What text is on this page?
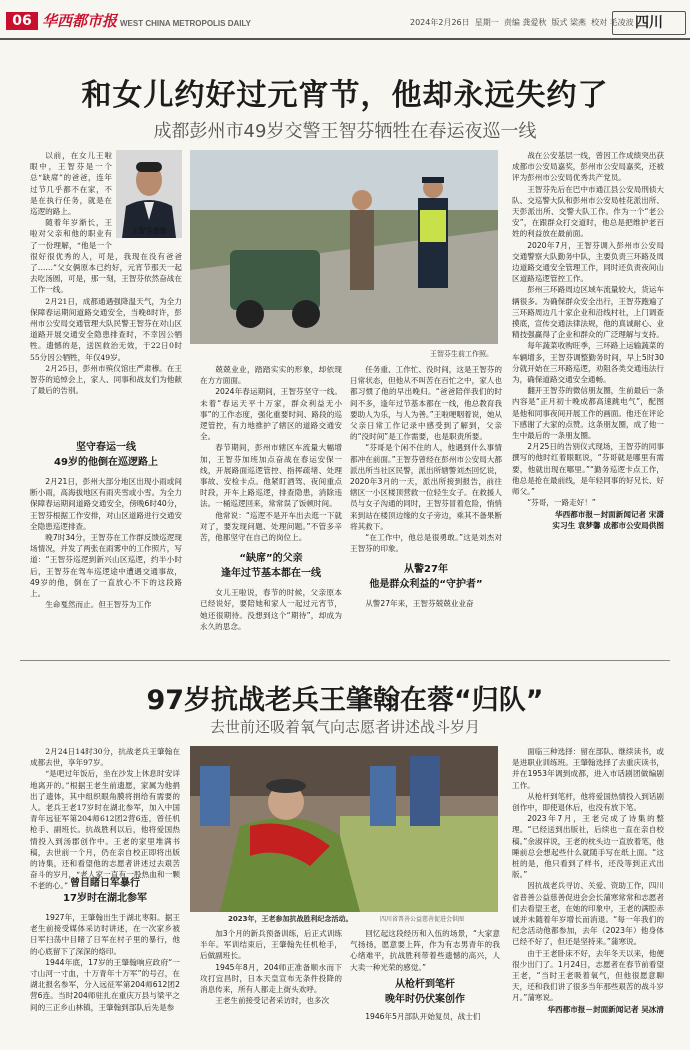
06 华西都市报 WEST CHINA METROPOLIS DAILY	2024年2月26日 星期一 责编 龚爱秋 版式 梁燕 校对 毛凌波 四川
和女儿约好过元宵节，他却永远失约了
成都彭州市49岁交警王智芬牺牲在春运夜巡一线
王智芬遗像

以前，在女儿王啦眼中，王智芬是一个总“缺席”的爸爸，连年过节几乎都不在家，不是在执行任务，就是在巡逻的路上。

随着年岁渐长，王啦对父亲和他的职业有了一份理解，“他是一个很好很优秀的人，可是，我现在没有爸爸了……”父女俩原本已约好，元宵节那天一起去吃汤圆，可是，那一刻，王智芬依然奋战在工作一线。

2月21日，成都通遇强降温天气，为全力保障春运期间道路交通安全，当晚8时许，彭州市公安局交通管理大队民警王智芬在对山区道路开展交通安全隐患排查时，不幸因公牺牲。遗憾的是，送医救治无效，于22日0时55分因公牺牲，年仅49岁。

2月25日，彭州市殡仪馆庄严肃穆。在王智芬的追悼会上，家人、同事和战友们为他献了最后的告别。

坚守春运一线
49岁的他倒在巡逻路上

2月21日，彭州大部分地区出现小雨或间断小雨，高海拔地区有雨夹雪或小雪。为全力保障春运期间道路交通安全，傍晚6时40分，王智芬根据工作安排，对山区道路进行交通安全隐患巡逻排查。

晚7时34分，王智芬在工作群反馈巡逻现场情况，并发了两张在雨雾中的工作照片，写道：“王智芬巡逻到新兴山区巡逻，约半小时后，王智芬在驾车巡逻途中遭遇交通事故，49岁的他，倒在了一直放心不下的这段路上。

生命戛然而止。但王智芬为工作

王智芬生前工作照。

兢兢业业，踏踏实实的形象，却依现在方方面面。

2024年春运期间，王智芬坚守一线。未着“春运天平十万家，群众利益无小事”的工作态度，强化重要时间、路段的巡逻管控，有力地推护了辖区的道路交通安全。

春节期间，彭州市辖区车流量大幅增加，王智芬加班加点奋战在春运安保一线，开展路面巡逻管控、指挥疏堵、处理事故、安检卡点。他紧盯酒驾、夜间重点时段，开车上路巡逻，排查隐患，消除违法。一桶巡逻回来，常常误了饭顿时间。

他常说：“巡逻不是开车出去逛一下就对了，要发现问题、处理问题。”不管多辛苦，他都坚守在自己的岗位上。

“缺席”的父亲
逢年过节基本都在一线

女儿王啦说，春节的时候，父亲原本已经说好，要陪她和家人一起过元宵节，她还很期待。没想到这个“期待”，却成为永久的思念。

任务重、工作忙、没时间，这是王智芬的日常状态，但他从不叫苦在百忙之中，家人也都习惯了他的早出晚归。“爸爸陪伴我们的时间不多，逢年过节基本都在一线，他总教育我要助人为乐，与人为善。”王啦哽咽着说，她从父亲日常工作记录中感受到了解到，父亲的“没时间”是工作需要，也是职责所要。

“芬哥是个闲不住的人，他遇到什么事情都冲在前面。”王智芬曾经在彭州市公安局大都派出所当社区民警，派出所辖警刘杰回忆说，2020年3月的一天，派出所接到报告，前往辖区一小区楼顶营救一位轻生女子。在救援人员与女子沟通的同时，王智芬冒着危险，悄悄来到站在楼顶边缘的女子旁边，乘其不备果断将其救下。

“在工作中，他总是很勇敢。”这是刘杰对王智芬的印象。

从警27年
他是群众利益的“守护者”

从警27年来，王智芬兢兢业业奋

战在公安基层一线，曾因工作成绩突出获成都市公安局嘉奖，彭州市公安局嘉奖，还被评为彭州市公安局优秀共产党员。

王智芬先后在巴中市通江县公安局刑侦大队、交巡警大队和彭州市公安局桂花派出所、天彭派出所、交警大队工作。作为一个“老公安”，在跟群众打交道时，他总是把维护老百姓的利益放在最前面。

2020年7月，王智芬调入彭州市公安局交通警察大队勤务中队，主要负责三环路及周边道路交通安全管理工作，同时还负责夜间山区道路巡逻管控工作。

彭州三环路周边区域车流量较大，货运车辆很多。为确保群众安全出行，王智芬跑遍了三环路周边几十家企业和沿线村社，上门调查摸底，宣传交通法律法规，他的真诚耐心、业精技强赢得了企业和群众的广泛理解与支持。

每年蔬菜收购旺季，三环路上运输蔬菜的车辆增多，王智芬调整勤务时间，早上5时30分就开始在三环路巡逻，劝阻各类交通违法行为，确保道路交通安全通畅。

翻开王智芬的微信朋友圈，生前最后一条内容是“正月初十晚成都高速跳电气”，配图是他和同事夜间开展工作的画面。他还在评论下感谢了大家的点赞。这条朋友圈，成了他一生中最后的一条朋友圈。

2月25日的告别仪式现场，王智芬的同事撰写的他时红着眼眶说，“芬哥就是哪里有需要，他就出现在哪里。”“勤务巡逻卡点工作，他总是抢在最前线，是年轻同事的好兄长、好师父。”

“芬哥，一路走好！”

华西都市报－封面新闻记者 宋潇
实习生 袁梦馨 成都市公安局供图
97岁抗战老兵王肇翰在蓉“归队”
去世前还吸着氧气向志愿者讲述战斗岁月

2月24日14时30分，抗战老兵王肇翰在成都去世，享年97岁。

“是吧过年饭后，坐在沙发上休息时安详地离开的。”根据王老生前遗愿，家属为他捐出了遗体，其中组织眼角膜将捐给有需要的人。老兵王老17岁时在湖北参军，加入中国青年远征军第204师612团2营6连，曾任机枪手、副班长。抗战胜利以后，他将爱国热情投入到汤郡创作中。王老的家里堆满书稿，去世前一个月，仍在亲自校正即将出版的诗集，还和看望他的志愿者讲述过去艰苦奋斗的岁月，“老人家一直有一股热血和一颗不老的心。” 曾目睹日军暴行
17岁时在湖北参军

1927年，王肇翰出生于湖北枣阳。据王老生前接受媒体采访时讲述，在一次家乡被日军扫荡中目睹了日军在村子里的暴行，他的心底留下了深深的烙印。

1944年底，17岁的王肇翰响应政府“一寸山河一寸血，十万青年十万军”的号召，在湖北报名参军，分入远征军第204师612团2营6连。当时204师驻扎在重庆万县与梁平之间的三正乡山林镇，王肇翰到部队后先是参

2023年，王老参加抗战胜利纪念活动。	四川省普善公益慈善促进会供图

加3个月的新兵预备训练，后正式训练半年。军训结束后，王肇翰先任机枪手，后做副班长。

1945年8月，204师正准备顺水而下攻打宜昌时，日本天皇宣布无条件投降的消息传来，所有人都走上街头欢呼。

王老生前接受记者采访时，也多次

回忆起这段经历和入伍的场景，“大家意气扬扬，愿意要上阵，作为有志男青年的我心绪难平，抗战胜利带着些遗憾的高兴，人大卖一种光荣的感觉。”

从枪杆到笔杆
晚年时仍伏案创作

1946年5月部队开始复员，战士们

面临三种选择：留在部队、继续读书，或是进职业训练班。王肇翰选择了去重庆读书，并在1953年调到成都，进入市话剧团做编剧工作。

从枪杆到笔杆，他将爱国热情投入到话剧创作中，即使退休后，也没有放下笔。

2023年7月，王老完成了诗集的整理。“已经送到出版社，后续也一直在亲自校稿。”余淑祥说，王老的枕头边一直放着笔，他睡前总会想起些什么就随手写在纸上面。“这桩的是，他只看到了样书，还没等到正式出版。”

因抗战老兵寻访、关爱、资助工作，四川省普善公益慈善促进会会长蒲寒常常和志愿者们去看望王老，在她的印象中，王老的满腔赤诚并未随着年岁增长而消退。“每一年我们的纪念活动他都参加，去年（2023年）他身体已经不好了，但还是坚持来。”蒲寒说。

由于王老卧床不好，去年冬天以来，他便很少出门了。1月24日，志愿者在春节前看望王老，“当时王老吸着氧气，但他很愿意聊天，还和我们讲了很多当年那些艰苦的战斗岁月。”蒲寒说。

华西都市报－封面新闻记者 吴冰清
